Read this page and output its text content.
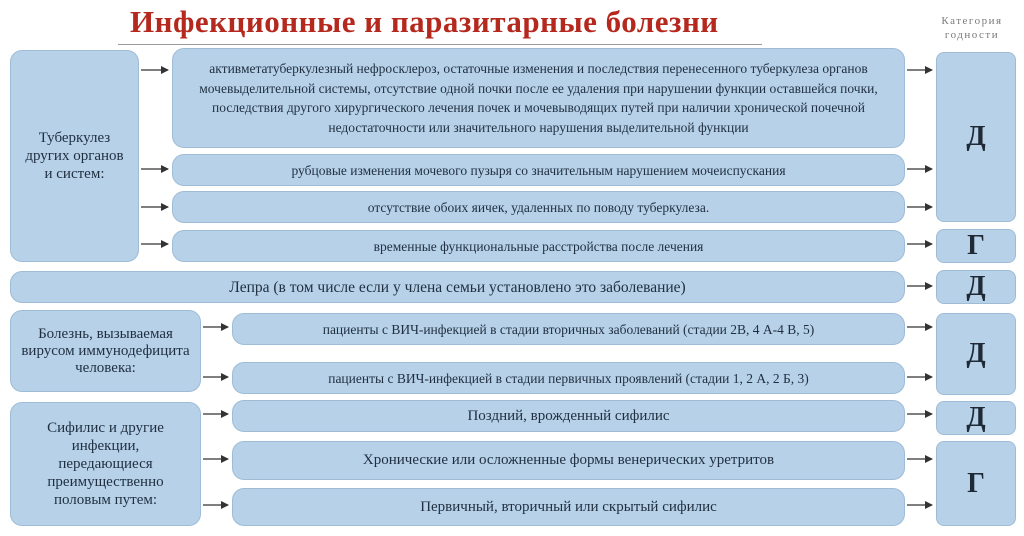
Инфекционные и паразитарные болезни	Категория годности
Туберкулез других органов и систем:
Болезнь, вызываемая вирусом иммунодефицита человека:
Сифилис и другие инфекции, передающиеся преимущественно половым путем:
активметатуберкулезный нефросклероз, остаточные изменения и последствия перенесенного туберкулеза органов мочевыделительной системы, отсутствие одной почки после ее удаления при нарушении функции оставшейся почки, последствия другого хирургического лечения почек и мочевыводящих путей при наличии хронической почечной недостаточности или значительного нарушения выделительной функции
рубцовые изменения мочевого пузыря со значительным нарушением мочеиспускания
отсутствие обоих яичек, удаленных по поводу туберкулеза.
временные функциональные расстройства после лечения
Лепра (в том числе если у члена семьи установлено это заболевание)
пациенты с ВИЧ-инфекцией в стадии вторичных заболеваний (стадии 2В, 4 А-4 В, 5)
пациенты с ВИЧ-инфекцией в стадии первичных проявлений (стадии 1, 2 А, 2 Б, 3)
Поздний, врожденный сифилис
Хронические или осложненные формы венерических уретритов
Первичный, вторичный или скрытый сифилис
Д
Г
Д
Д
Д
Г
